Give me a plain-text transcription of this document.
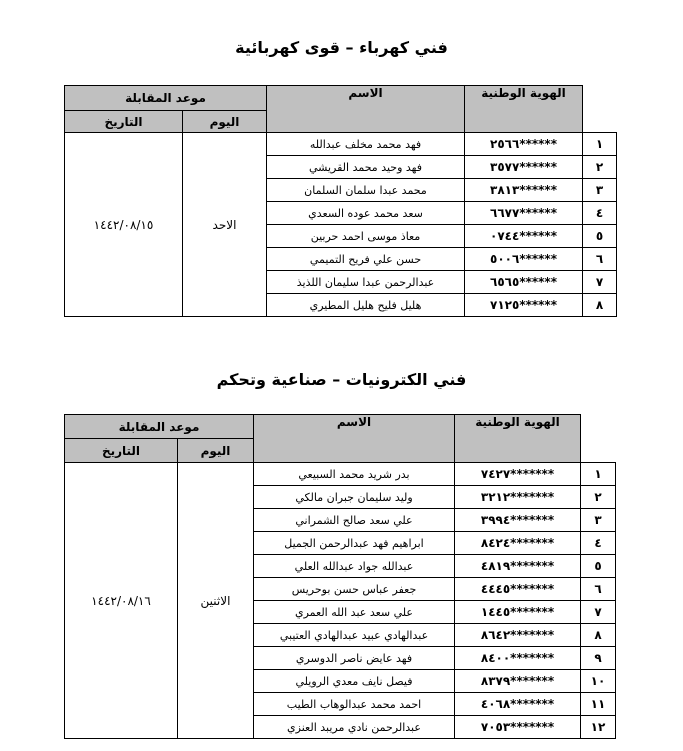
فني كهرباء – قوى كهربائية
موعد المقابلة		الاسم	الهوية الوطنية	
التاريخ	اليوم			
١٤٤٢/٠٨/١٥	الاحد	فهد محمد مخلف عبدالله	٢٥٦٦******	١
		فهد وحيد محمد القريشي	٣٥٧٧******	٢
		محمد عبدا سلمان السلمان	٣٨١٣******	٣
		سعد محمد عوده السعدي	٦٦٧٧******	٤
		معاذ موسى احمد حربين	٠٧٤٤******	٥
		حسن علي فريح التميمي	٥٠٠٦******	٦
		عبدالرحمن عبدا سليمان اللذيذ	٦٥٦٥******	٧
		هليل فليح هليل المطيري	٧١٢٥******	٨
فني الكترونيات – صناعية وتحكم
موعد المقابلة		الاسم	الهوية الوطنية	
التاريخ	اليوم			
١٤٤٢/٠٨/١٦	الاثنين	بدر شريد محمد السبيعي	٧٤٢٧*******	١
		وليد سليمان جبران مالكي	٣٢١٢*******	٢
		علي سعد صالح الشمراني	٣٩٩٤*******	٣
		ابراهيم فهد عبدالرحمن الجميل	٨٤٢٤*******	٤
		عبدالله جواد عبدالله العلي	٤٨١٩*******	٥
		جعفر عباس حسن بوحريس	٤٤٤٥*******	٦
		علي سعد عبد الله العمري	١٤٤٥*******	٧
		عبدالهادي عبيد عبدالهادي العتيبي	٨٦٤٢*******	٨
		فهد عايض ناصر الدوسري	٨٤٠٠*******	٩
		فيصل نايف معدي الرويلي	٨٣٧٩*******	١٠
		احمد محمد عبدالوهاب الطيب	٤٠٦٨*******	١١
		عبدالرحمن نادي مريبد العنزي	٧٠٥٣*******	١٢
